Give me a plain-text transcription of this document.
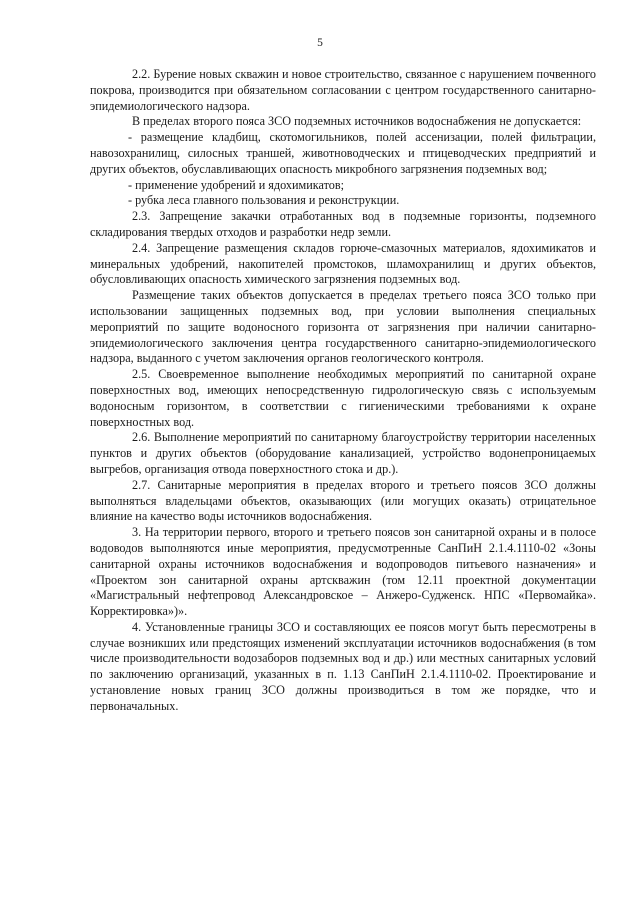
5

2.2. Бурение новых скважин и новое строительство, связанное с нарушением почвенного покрова, производится при обязательном согласовании с центром государственного санитарно-эпидемиологического надзора.

В пределах второго пояса ЗСО подземных источников водоснабжения не допускается:

- размещение кладбищ, скотомогильников, полей ассенизации, полей фильтрации, навозохранилищ, силосных траншей, животноводческих и птицеводческих предприятий и других объектов, обуславливающих опасность микробного загрязнения подземных вод;

- применение удобрений и ядохимикатов;

- рубка леса главного пользования и реконструкции.

2.3. Запрещение закачки отработанных вод в подземные горизонты, подземного складирования твердых отходов и разработки недр земли.

2.4. Запрещение размещения складов горюче-смазочных материалов, ядохимикатов и минеральных удобрений, накопителей промстоков, шламохранилищ и других объектов, обусловливающих опасность химического загрязнения подземных вод.

Размещение таких объектов допускается в пределах третьего пояса ЗСО только при использовании защищенных подземных вод, при условии выполнения специальных мероприятий по защите водоносного горизонта от загрязнения при наличии санитарно-эпидемиологического заключения центра государственного санитарно-эпидемиологического надзора, выданного с учетом заключения органов геологического контроля.

2.5. Своевременное выполнение необходимых мероприятий по санитарной охране поверхностных вод, имеющих непосредственную гидрологическую связь с используемым водоносным горизонтом, в соответствии с гигиеническими требованиями к охране поверхностных вод.

2.6. Выполнение мероприятий по санитарному благоустройству территории населенных пунктов и других объектов (оборудование канализацией, устройство водонепроницаемых выгребов, организация отвода поверхностного стока и др.).

2.7. Санитарные мероприятия в пределах второго и третьего поясов ЗСО должны выполняться владельцами объектов, оказывающих (или могущих оказать) отрицательное влияние на качество воды источников водоснабжения.

3. На территории первого, второго и третьего поясов зон санитарной охраны и в полосе водоводов выполняются иные мероприятия, предусмотренные СанПиН 2.1.4.1110-02 «Зоны санитарной охраны источников водоснабжения и водопроводов питьевого назначения» и «Проектом зон санитарной охраны артскважин (том 12.11 проектной документации «Магистральный нефтепровод Александровское – Анжеро-Судженск. НПС «Первомайка». Корректировка»)».

4. Установленные границы ЗСО и составляющих ее поясов могут быть пересмотрены в случае возникших или предстоящих изменений эксплуатации источников водоснабжения (в том числе производительности водозаборов подземных вод и др.) или местных санитарных условий по заключению организаций, указанных в п. 1.13 СанПиН 2.1.4.1110-02. Проектирование и установление новых границ ЗСО должны производиться в том же порядке, что и первоначальных.
